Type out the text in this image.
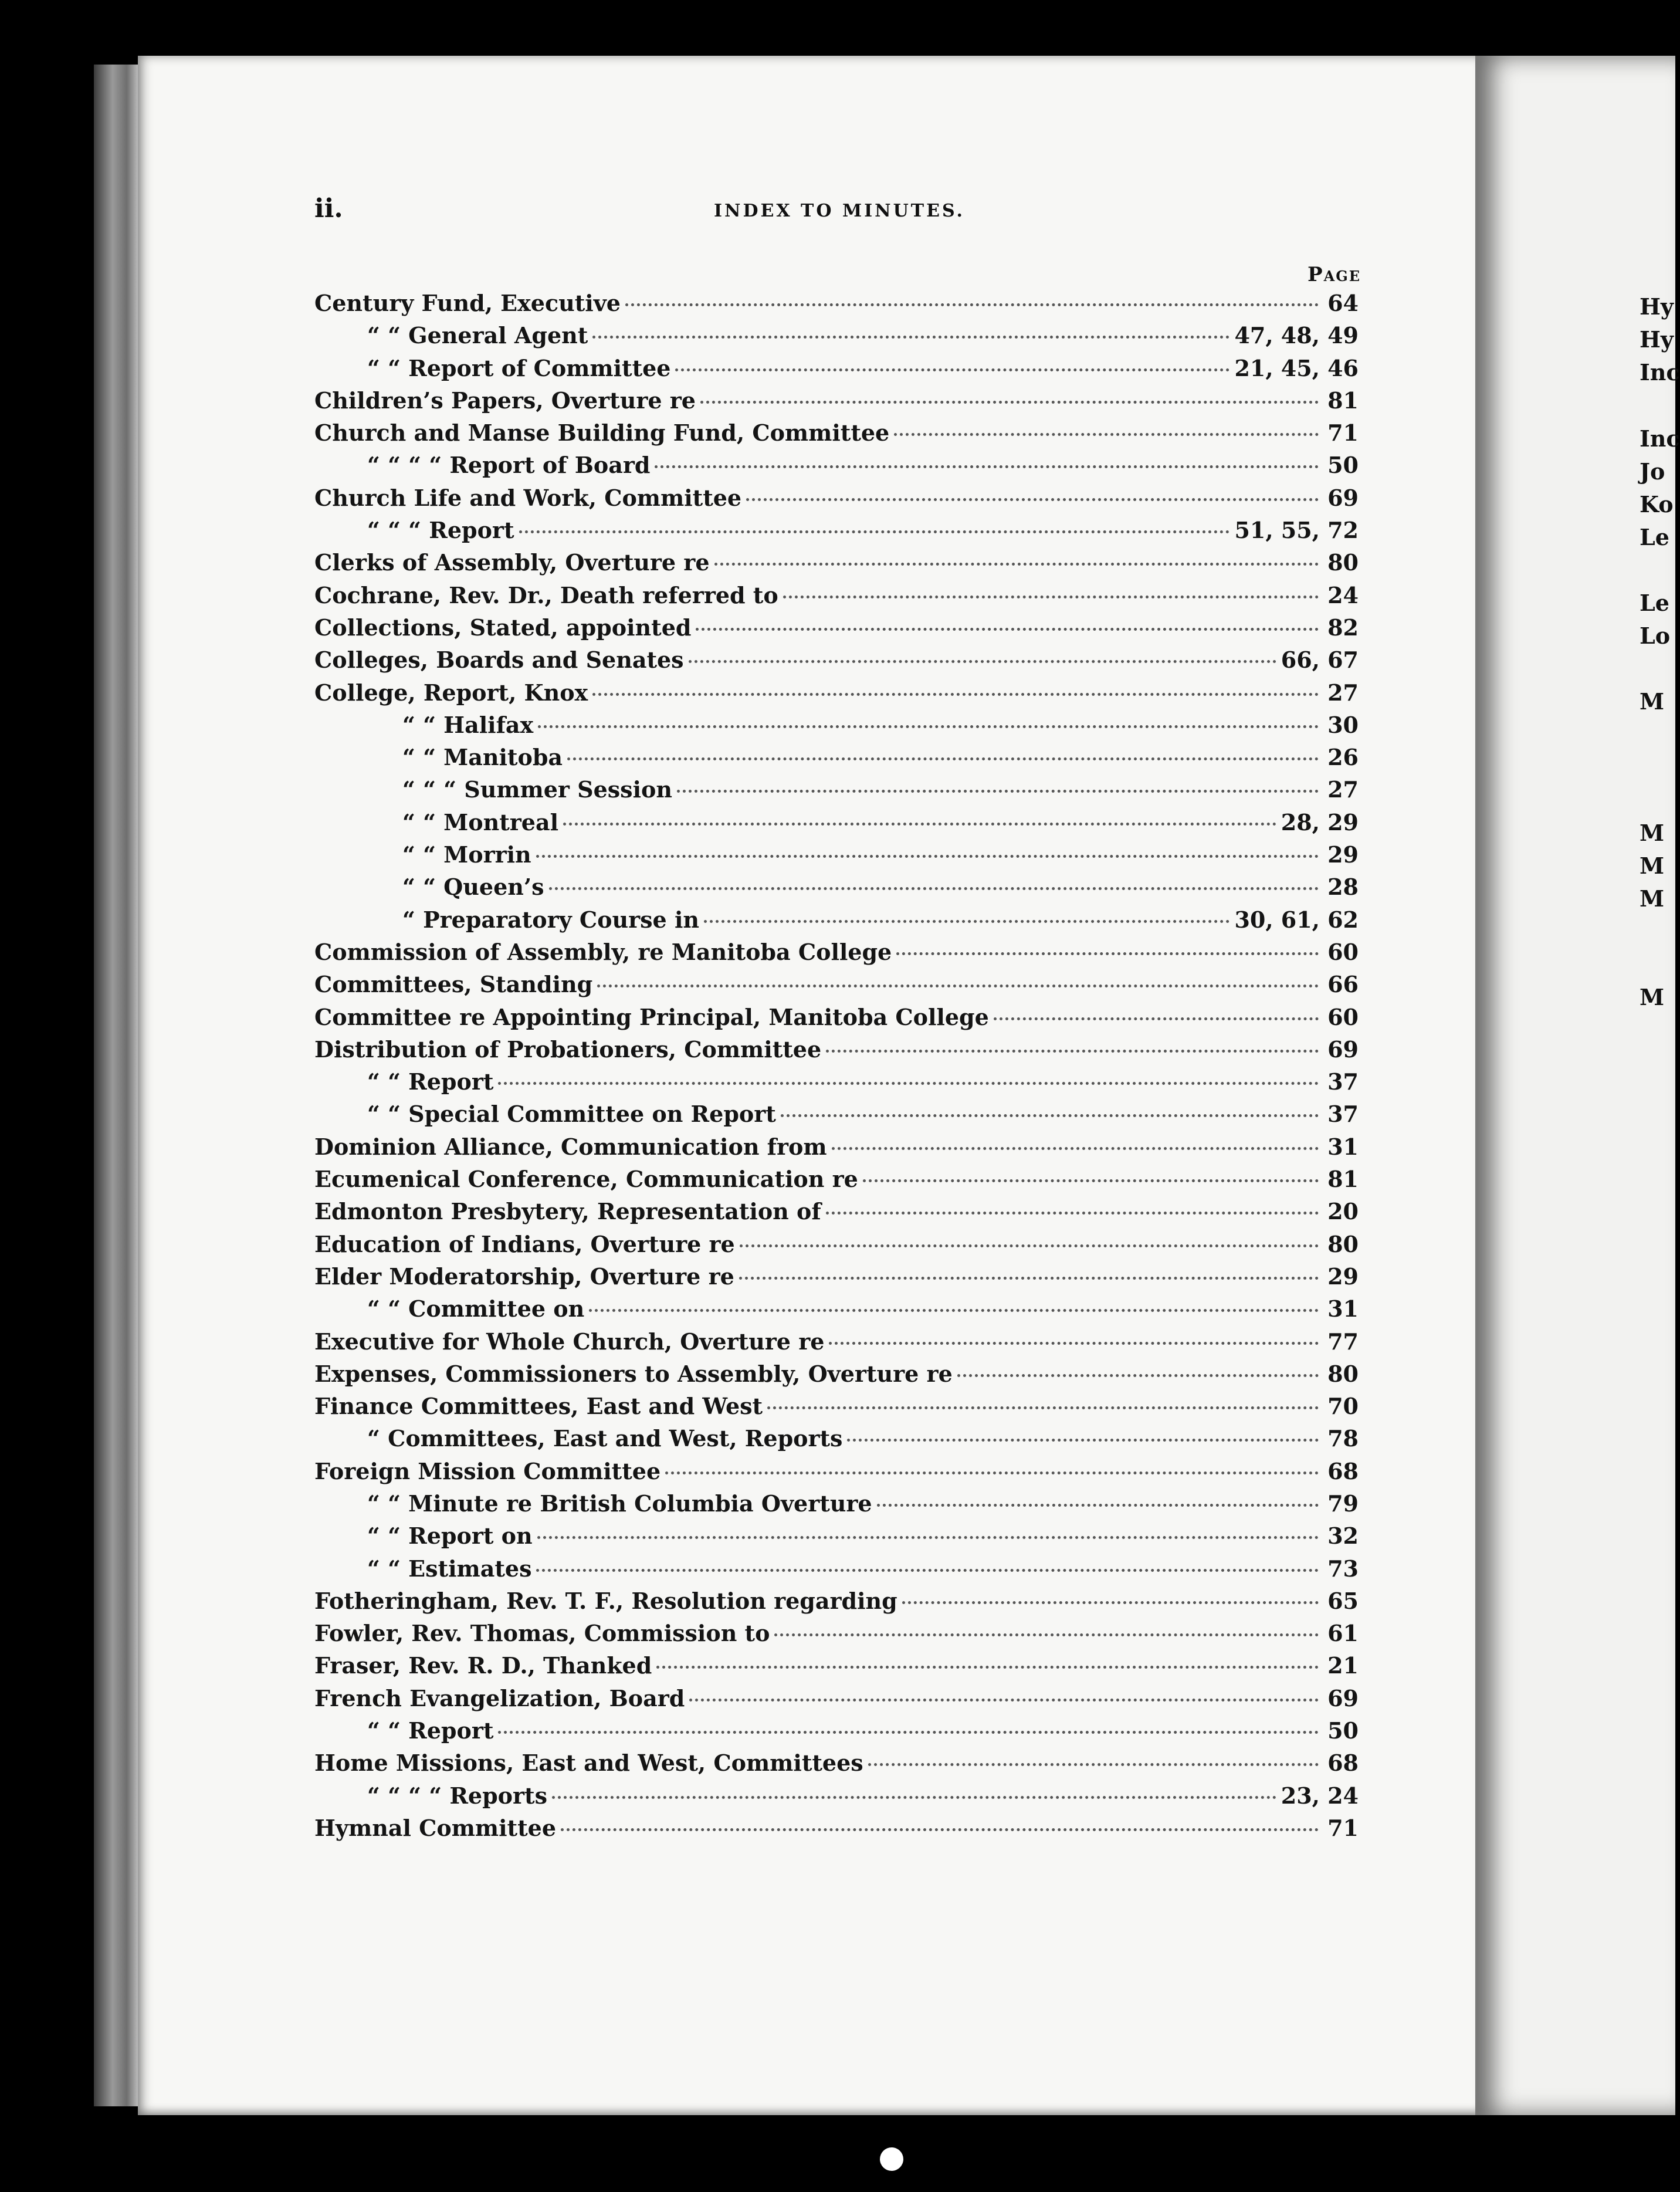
Hy
Hy
Inc
Inc
Jo
Ko
Le
Le
Lo
M
M
M
M
M
ii.	INDEX TO MINUTES.
Page
Century Fund, Executive	64
“ “ General Agent	47, 48, 49
“ “ Report of Committee	21, 45, 46
Children’s Papers, Overture re	81
Church and Manse Building Fund, Committee	71
“ “ “ “ Report of Board	50
Church Life and Work, Committee	69
“ “ “ Report	51, 55, 72
Clerks of Assembly, Overture re	80
Cochrane, Rev. Dr., Death referred to	24
Collections, Stated, appointed	82
Colleges, Boards and Senates	66, 67
College, Report, Knox	27
“ “ Halifax	30
“ “ Manitoba	26
“ “ “ Summer Session	27
“ “ Montreal	28, 29
“ “ Morrin	29
“ “ Queen’s	28
“ Preparatory Course in	30, 61, 62
Commission of Assembly, re Manitoba College	60
Committees, Standing	66
Committee re Appointing Principal, Manitoba College	60
Distribution of Probationers, Committee	69
“ “ Report	37
“ “ Special Committee on Report	37
Dominion Alliance, Communication from	31
Ecumenical Conference, Communication re	81
Edmonton Presbytery, Representation of	20
Education of Indians, Overture re	80
Elder Moderatorship, Overture re	29
“ “ Committee on	31
Executive for Whole Church, Overture re	77
Expenses, Commissioners to Assembly, Overture re	80
Finance Committees, East and West	70
“ Committees, East and West, Reports	78
Foreign Mission Committee	68
“ “ Minute re British Columbia Overture	79
“ “ Report on	32
“ “ Estimates	73
Fotheringham, Rev. T. F., Resolution regarding	65
Fowler, Rev. Thomas, Commission to	61
Fraser, Rev. R. D., Thanked	21
French Evangelization, Board	69
“ “ Report	50
Home Missions, East and West, Committees	68
“ “ “ “ Reports	23, 24
Hymnal Committee	71
